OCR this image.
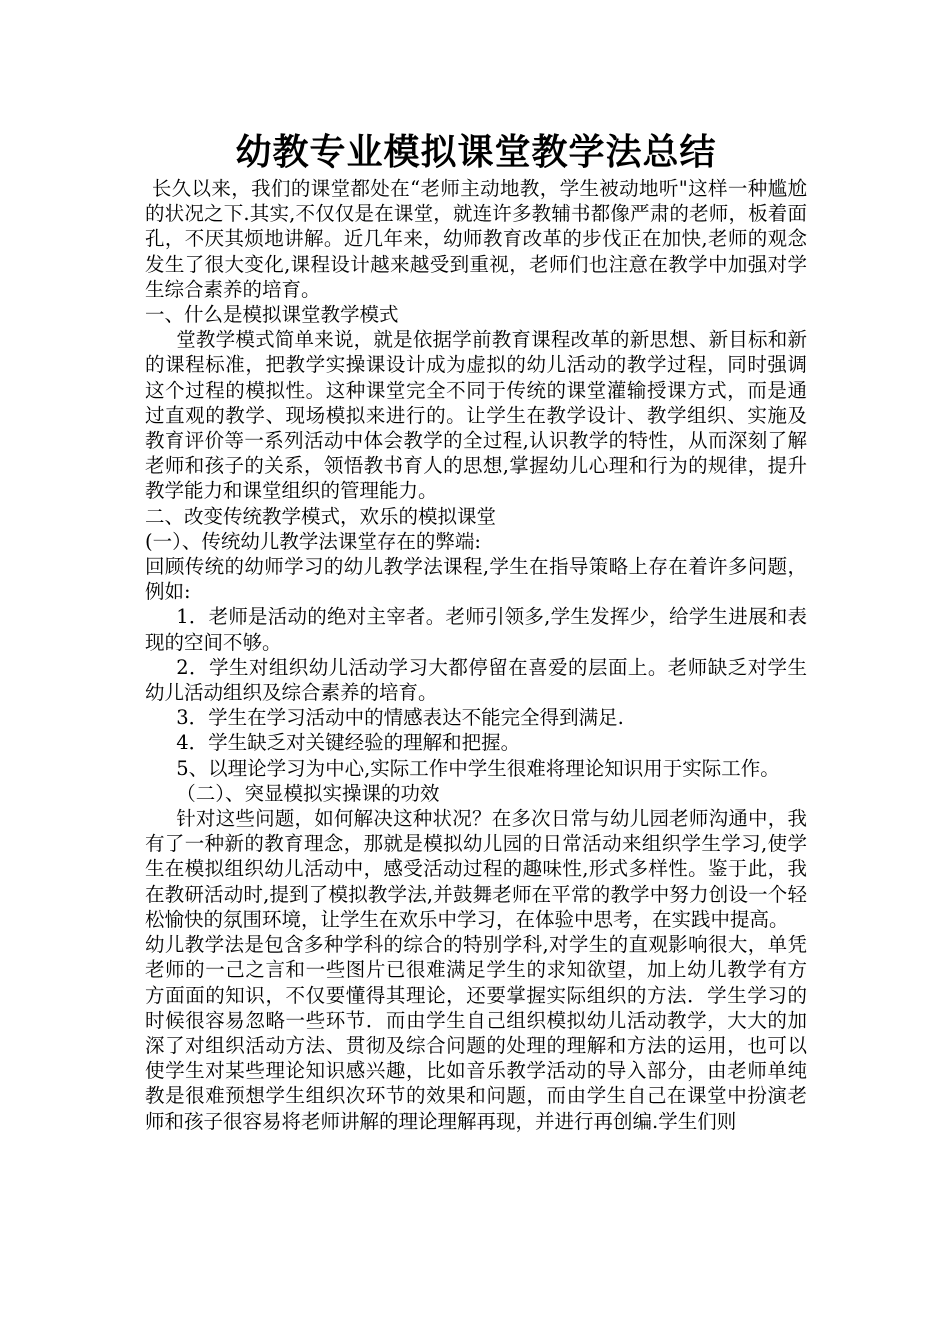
幼教专业模拟课堂教学法总结

长久以来，我们的课堂都处在“老师主动地教，学生被动地听"这样一种尴尬的状况之下.其实,不仅仅是在课堂，就连许多教辅书都像严肃的老师，板着面孔，不厌其烦地讲解。近几年来，幼师教育改革的步伐正在加快,老师的观念发生了很大变化,课程设计越来越受到重视，老师们也注意在教学中加强对学生综合素养的培育。

一、什么是模拟课堂教学模式

堂教学模式简单来说，就是依据学前教育课程改革的新思想、新目标和新的课程标准，把教学实操课设计成为虚拟的幼儿活动的教学过程，同时强调这个过程的模拟性。这种课堂完全不同于传统的课堂灌输授课方式，而是通过直观的教学、现场模拟来进行的。让学生在教学设计、教学组织、实施及教育评价等一系列活动中体会教学的全过程,认识教学的特性，从而深刻了解老师和孩子的关系，领悟教书育人的思想,掌握幼儿心理和行为的规律，提升教学能力和课堂组织的管理能力。

二、改变传统教学模式，欢乐的模拟课堂

(一）、传统幼儿教学法课堂存在的弊端:

回顾传统的幼师学习的幼儿教学法课程,学生在指导策略上存在着许多问题，例如:

1．老师是活动的绝对主宰者。老师引领多,学生发挥少，给学生进展和表现的空间不够。

2．学生对组织幼儿活动学习大都停留在喜爱的层面上。老师缺乏对学生幼儿活动组织及综合素养的培育。

3．学生在学习活动中的情感表达不能完全得到满足.

4．学生缺乏对关键经验的理解和把握。

5、以理论学习为中心,实际工作中学生很难将理论知识用于实际工作。

（二）、突显模拟实操课的功效

针对这些问题，如何解决这种状况？在多次日常与幼儿园老师沟通中，我有了一种新的教育理念，那就是模拟幼儿园的日常活动来组织学生学习,使学生在模拟组织幼儿活动中，感受活动过程的趣味性,形式多样性。鉴于此，我在教研活动时,提到了模拟教学法,并鼓舞老师在平常的教学中努力创设一个轻松愉快的氛围环境，让学生在欢乐中学习，在体验中思考，在实践中提高。

幼儿教学法是包含多种学科的综合的特别学科,对学生的直观影响很大，单凭老师的一己之言和一些图片已很难满足学生的求知欲望，加上幼儿教学有方方面面的知识，不仅要懂得其理论，还要掌握实际组织的方法．学生学习的时候很容易忽略一些环节．而由学生自己组织模拟幼儿活动教学，大大的加深了对组织活动方法、贯彻及综合问题的处理的理解和方法的运用，也可以使学生对某些理论知识感兴趣，比如音乐教学活动的导入部分，由老师单纯教是很难预想学生组织次环节的效果和问题，而由学生自己在课堂中扮演老师和孩子很容易将老师讲解的理论理解再现，并进行再创编.学生们则
